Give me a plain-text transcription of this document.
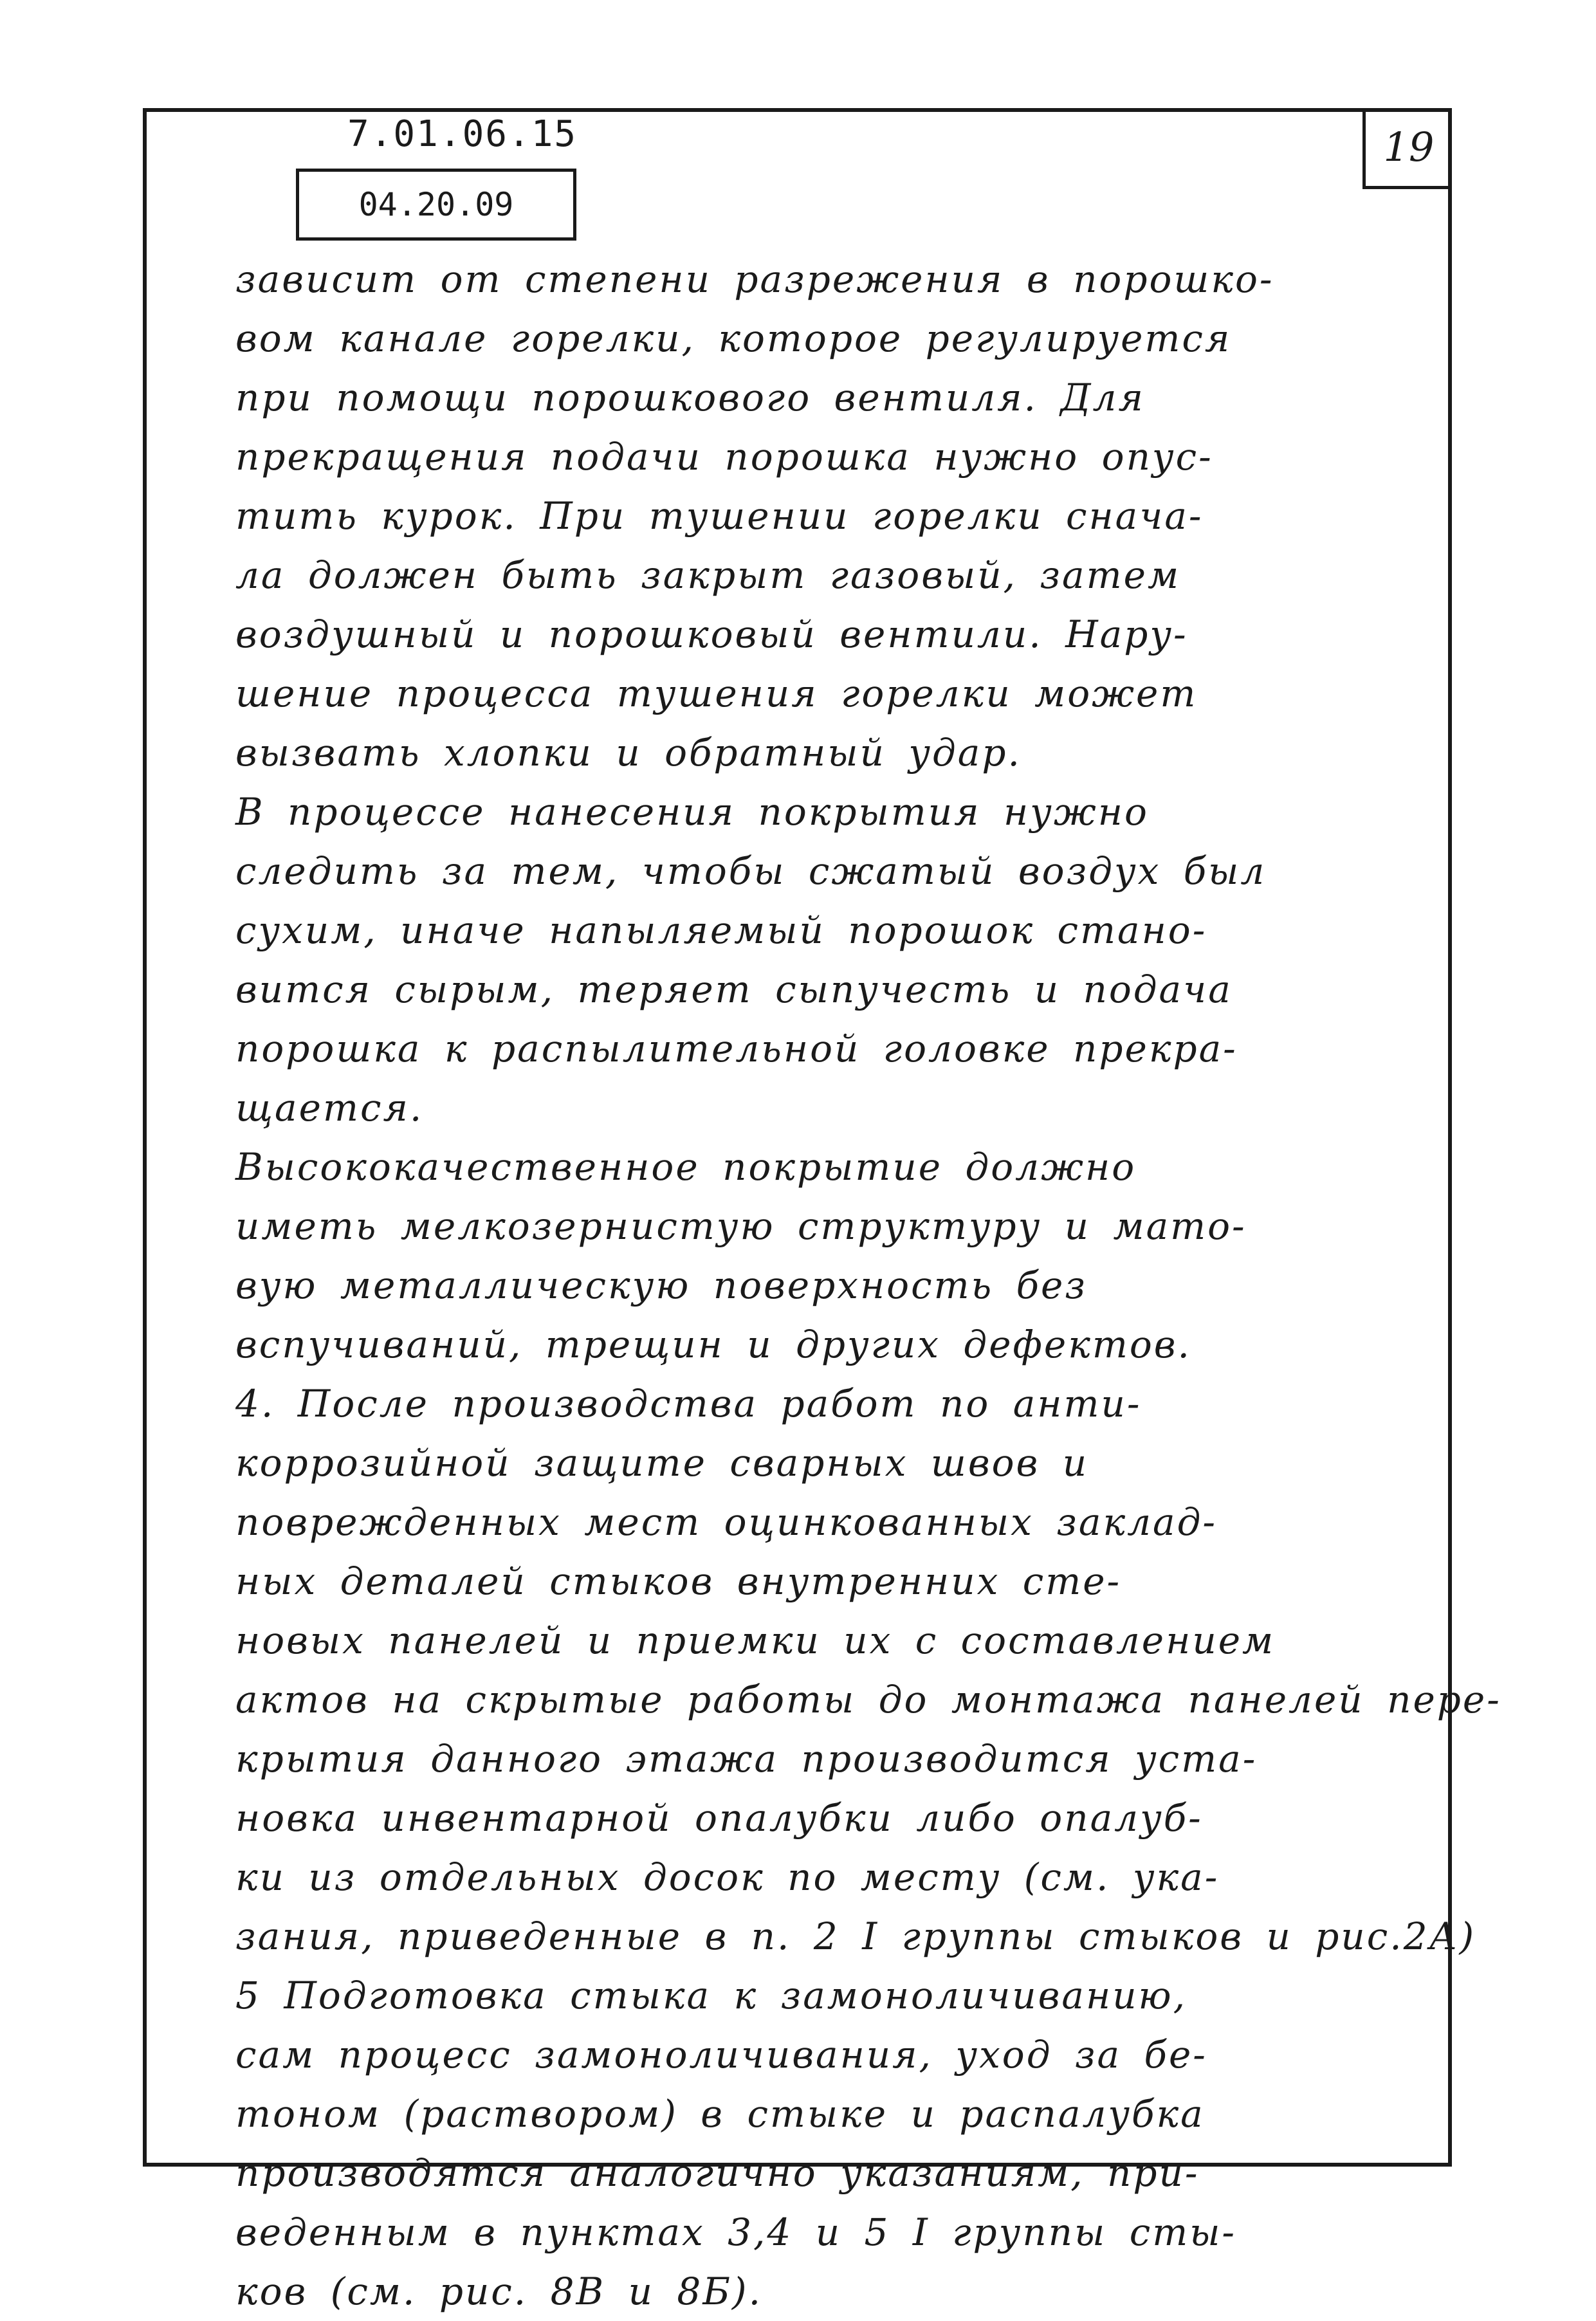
7.01.06.15
04.20.09
19
зависит от степени разрежения в порошко-
вом канале горелки, которое регулируется
при помощи порошкового вентиля. Для
прекращения подачи порошка нужно опус-
тить курок. При тушении горелки сначa-
ла должен быть закрыт газовый, затем
воздушный и порошковый вентили. Нару-
шение процесса тушения горелки может
вызвать хлопки и обратный удар.
В процессе нанесения покрытия нужно
следить за тем, чтобы сжатый воздух был
сухим, иначе напыляемый порошок стано-
вится сырым, теряет сыпучесть и подача
порошка к распылительной головке прекра-
щается.
Высококачественное покрытие должно
иметь мелкозернистую структуру и мато-
вую металлическую поверхность без
вспучиваний, трещин и других дефектов.
4. После производства работ по анти-
коррозийной защите сварных швов и
поврежденных мест оцинкованных заклад-
ных деталей стыков внутренних сте-
новых панелей и приемки их с составлением
актов на скрытые работы до монтажа панелей пере-
крытия данного этажа производится уста-
новка инвентарной опалубки либо опалуб-
ки из отдельных досок по месту (см. ука-
зания, приведенные в п. 2 I группы стыков и рис.2А)
5 Подготовка стыка к замоноличиванию,
сам процесс замоноличивания, уход за бе-
тоном (раствором) в стыке и распалубка
производятся аналогично указаниям, при-
веденным в пунктах 3,4 и 5 I группы сты-
ков (см. рис. 8В и 8Б).
